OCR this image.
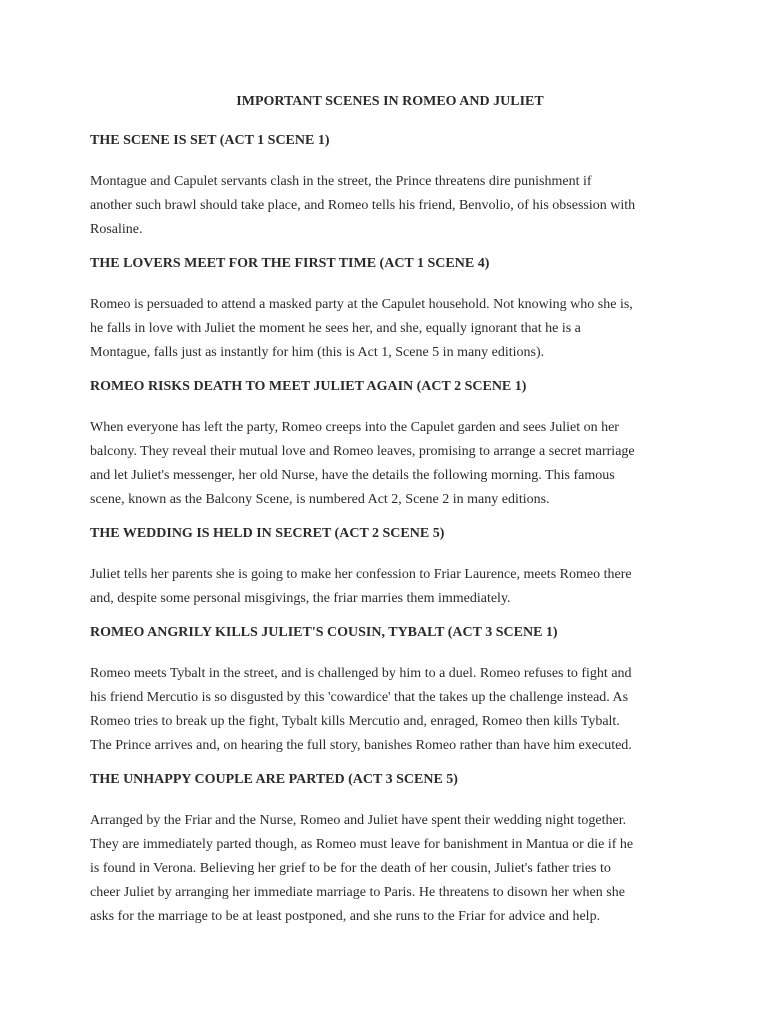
IMPORTANT SCENES IN ROMEO AND JULIET
THE SCENE IS SET (ACT 1 SCENE 1)
Montague and Capulet servants clash in the street, the Prince threatens dire punishment if
another such brawl should take place, and Romeo tells his friend, Benvolio, of his obsession with
Rosaline.
THE LOVERS MEET FOR THE FIRST TIME (ACT 1 SCENE 4)
Romeo is persuaded to attend a masked party at the Capulet household. Not knowing who she is,
he falls in love with Juliet the moment he sees her, and she, equally ignorant that he is a
Montague, falls just as instantly for him (this is Act 1, Scene 5 in many editions).
ROMEO RISKS DEATH TO MEET JULIET AGAIN (ACT 2 SCENE 1)
When everyone has left the party, Romeo creeps into the Capulet garden and sees Juliet on her
balcony. They reveal their mutual love and Romeo leaves, promising to arrange a secret marriage
and let Juliet's messenger, her old Nurse, have the details the following morning. This famous
scene, known as the Balcony Scene, is numbered Act 2, Scene 2 in many editions.
THE WEDDING IS HELD IN SECRET (ACT 2 SCENE 5)
Juliet tells her parents she is going to make her confession to Friar Laurence, meets Romeo there
and, despite some personal misgivings, the friar marries them immediately.
ROMEO ANGRILY KILLS JULIET'S COUSIN, TYBALT (ACT 3 SCENE 1)
Romeo meets Tybalt in the street, and is challenged by him to a duel. Romeo refuses to fight and
his friend Mercutio is so disgusted by this 'cowardice' that the takes up the challenge instead. As
Romeo tries to break up the fight, Tybalt kills Mercutio and, enraged, Romeo then kills Tybalt.
The Prince arrives and, on hearing the full story, banishes Romeo rather than have him executed.
THE UNHAPPY COUPLE ARE PARTED (ACT 3 SCENE 5)
Arranged by the Friar and the Nurse, Romeo and Juliet have spent their wedding night together.
They are immediately parted though, as Romeo must leave for banishment in Mantua or die if he
is found in Verona. Believing her grief to be for the death of her cousin, Juliet's father tries to
cheer Juliet by arranging her immediate marriage to Paris. He threatens to disown her when she
asks for the marriage to be at least postponed, and she runs to the Friar for advice and help.
